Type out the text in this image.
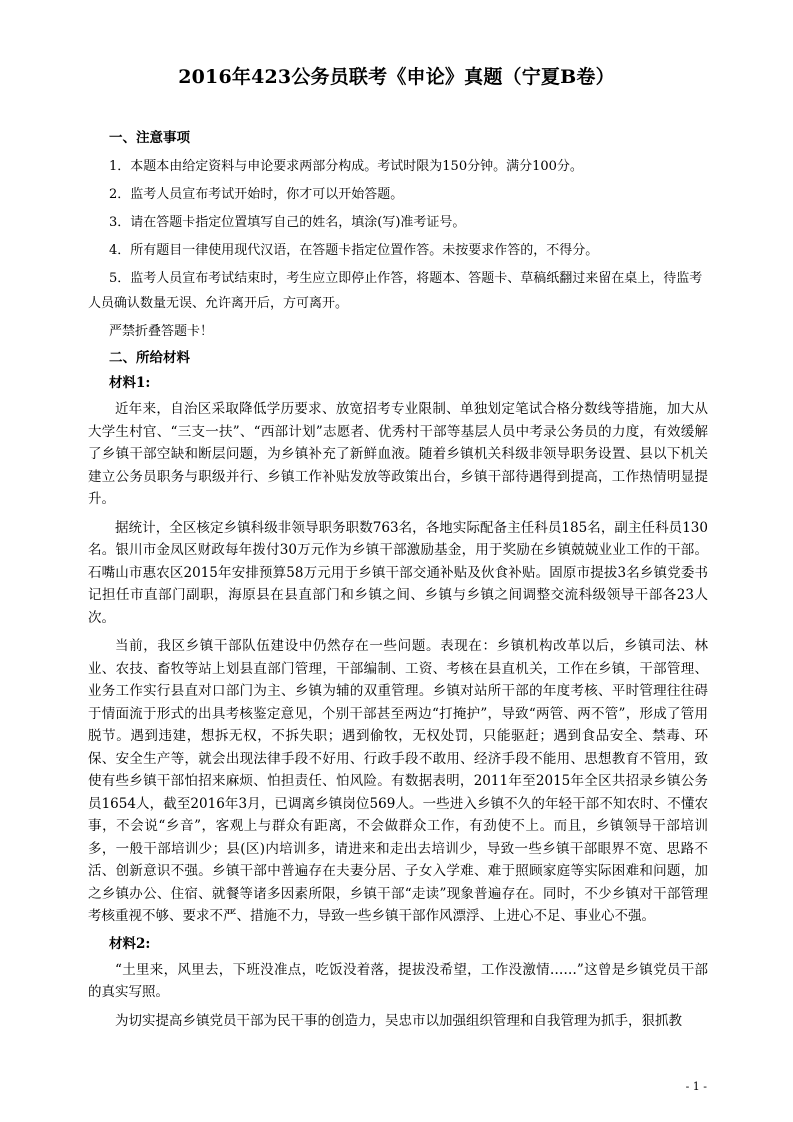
2016年423公务员联考《申论》真题（宁夏B卷）

一、注意事项

1．本题本由给定资料与申论要求两部分构成。考试时限为150分钟。满分100分。

2．监考人员宣布考试开始时，你才可以开始答题。

3．请在答题卡指定位置填写自己的姓名，填涂(写)准考证号。

4．所有题目一律使用现代汉语，在答题卡指定位置作答。未按要求作答的，不得分。

5．监考人员宣布考试结束时，考生应立即停止作答，将题本、答题卡、草稿纸翻过来留在桌上，待监考人员确认数量无误、允许离开后，方可离开。

严禁折叠答题卡！

二、所给材料

材料1:

近年来，自治区采取降低学历要求、放宽招考专业限制、单独划定笔试合格分数线等措施，加大从大学生村官、“三支一扶”、“西部计划”志愿者、优秀村干部等基层人员中考录公务员的力度，有效缓解了乡镇干部空缺和断层问题，为乡镇补充了新鲜血液。随着乡镇机关科级非领导职务设置、县以下机关建立公务员职务与职级并行、乡镇工作补贴发放等政策出台，乡镇干部待遇得到提高，工作热情明显提升。

据统计，全区核定乡镇科级非领导职务职数763名，各地实际配备主任科员185名，副主任科员130名。银川市金凤区财政每年拨付30万元作为乡镇干部激励基金，用于奖励在乡镇兢兢业业工作的干部。石嘴山市惠农区2015年安排预算58万元用于乡镇干部交通补贴及伙食补贴。固原市提拔3名乡镇党委书记担任市直部门副职，海原县在县直部门和乡镇之间、乡镇与乡镇之间调整交流科级领导干部各23人次。

当前，我区乡镇干部队伍建设中仍然存在一些问题。表现在：乡镇机构改革以后，乡镇司法、林业、农技、畜牧等站上划县直部门管理，干部编制、工资、考核在县直机关，工作在乡镇，干部管理、业务工作实行县直对口部门为主、乡镇为辅的双重管理。乡镇对站所干部的年度考核、平时管理往往碍于情面流于形式的出具考核鉴定意见，个别干部甚至两边“打掩护”，导致“两管、两不管”，形成了管用脱节。遇到违建，想拆无权，不拆失职；遇到偷牧，无权处罚，只能驱赶；遇到食品安全、禁毒、环保、安全生产等，就会出现法律手段不好用、行政手段不敢用、经济手段不能用、思想教育不管用，致使有些乡镇干部怕招来麻烦、怕担责任、怕风险。有数据表明，2011年至2015年全区共招录乡镇公务员1654人，截至2016年3月，已调离乡镇岗位569人。一些进入乡镇不久的年轻干部不知农时、不懂农事，不会说“乡音”，客观上与群众有距离，不会做群众工作，有劲使不上。而且，乡镇领导干部培训多，一般干部培训少；县(区)内培训多，请进来和走出去培训少，导致一些乡镇干部眼界不宽、思路不活、创新意识不强。乡镇干部中普遍存在夫妻分居、子女入学难、难于照顾家庭等实际困难和问题，加之乡镇办公、住宿、就餐等诸多因素所限，乡镇干部“走读”现象普遍存在。同时，不少乡镇对干部管理考核重视不够、要求不严、措施不力，导致一些乡镇干部作风漂浮、上进心不足、事业心不强。

材料2:

“土里来，风里去，下班没准点，吃饭没着落，提拔没希望，工作没激情……”这曾是乡镇党员干部的真实写照。

为切实提高乡镇党员干部为民干事的创造力，吴忠市以加强组织管理和自我管理为抓手，狠抓教

- 1 -
